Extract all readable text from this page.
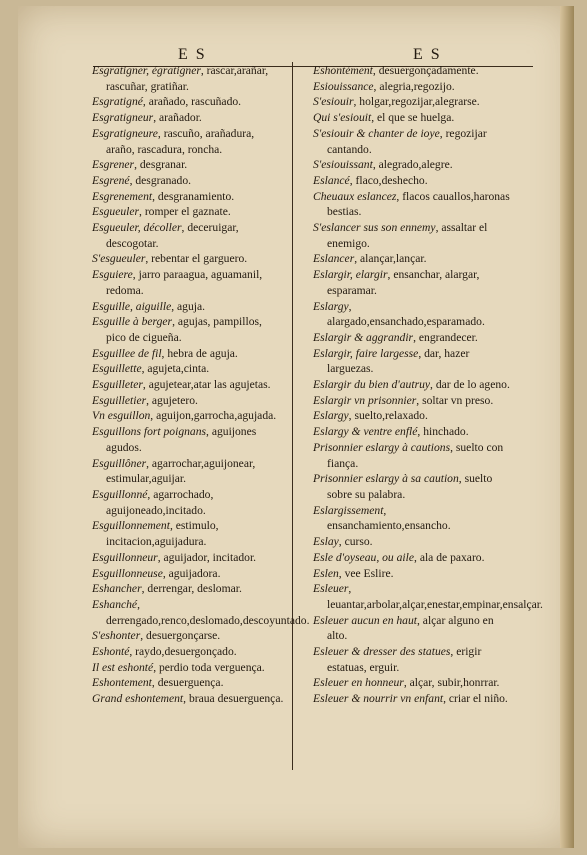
E S	E S
Esgratigner, égratigner, rascar,arañar, rascuñar, gratiñar.
Esgratigné, arañado, rascuñado.
Esgratigneur, arañador.
Esgratigneure, rascuño, arañadura, araño, rascadura, roncha.
Esgrener, desgranar.
Esgrené, desgranado.
Esgrenement, desgranamiento.
Esgueuler, romper el gaznate.
Esgueuler, décoller, deceruigar, descogotar.
S'esgueuler, rebentar el garguero.
Esguiere, jarro paraagua, aguamanil, redoma.
Esguille, aiguille, aguja.
Esguille à berger, agujas, pampillos, pico de cigueña.
Esguillee de fil, hebra de aguja.
Esguillette, agujeta,cinta.
Esguilleter, agujetear,atar las agujetas.
Esguilletier, agujetero.
Vn esguillon, aguijon,garrocha,agujada.
Esguillons fort poignans, aguijones agudos.
Esguillôner, agarrochar,aguijonear, estimular,aguijar.
Esguillonné, agarrochado, aguijoneado,incitado.
Esguillonnement, estimulo, incitacion,aguijadura.
Esguillonneur, aguijador, incitador.
Esguillonneuse, aguijadora.
Eshancher, derrengar, deslomar.
Eshanché, derrengado,renco,deslomado,descoyuntado.
S'eshonter, desuergonçarse.
Eshonté, raydo,desuergonçado.
Il est eshonté, perdio toda verguença.
Eshontement, desuerguença.
Grand eshontement, braua desuerguença.
Eshontément, desuergonçadamente.
Esiouissance, alegria,regozijo.
S'esiouir, holgar,regozijar,alegrarse.
Qui s'esiouit, el que se huelga.
S'esiouir & chanter de ioye, regozijar cantando.
S'esiouissant, alegrado,alegre.
Eslancé, flaco,deshecho.
Cheuaux eslancez, flacos cauallos,haronas bestias.
S'eslancer sus son ennemy, assaltar el enemigo.
Eslancer, alançar,lançar.
Eslargir, elargir, ensanchar, alargar, esparamar.
Eslargy, alargado,ensanchado,esparamado.
Eslargir & aggrandir, engrandecer.
Eslargir, faire largesse, dar, hazer larguezas.
Eslargir du bien d'autruy, dar de lo ageno.
Eslargir vn prisonnier, soltar vn preso.
Eslargy, suelto,relaxado.
Eslargy & ventre enflé, hinchado.
Prisonnier eslargy à cautions, suelto con fiança.
Prisonnier eslargy à sa caution, suelto sobre su palabra.
Eslargissement, ensanchamiento,ensancho.
Eslay, curso.
Esle d'oyseau, ou aile, ala de paxaro.
Eslen, vee Eslire.
Esleuer, leuantar,arbolar,alçar,enestar,empinar,ensalçar.
Esleuer aucun en haut, alçar alguno en alto.
Esleuer & dresser des statues, erigir estatuas, erguir.
Esleuer en honneur, alçar, subir,honrrar.
Esleuer & nourrir vn enfant, criar el niño.
